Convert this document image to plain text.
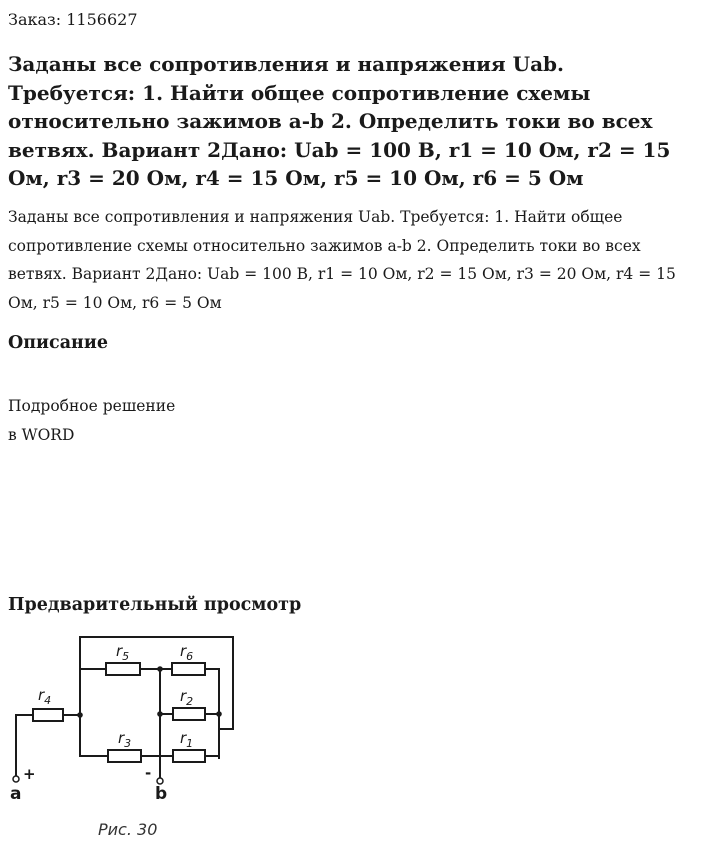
Заказ: 1156627
Заданы все сопротивления и напряжения Uab. Требуется: 1. Найти общее сопротивление схемы относительно зажимов a-b 2. Определить токи во всех ветвях. Вариант 2Дано: Uab = 100 В, r1 = 10 Ом, r2 = 15 Ом, r3 = 20 Ом, r4 = 15 Ом, r5 = 10 Ом, r6 = 5 Ом

Заданы все сопротивления и напряжения Uab. Требуется: 1. Найти общее сопротивление схемы относительно зажимов a-b 2. Определить токи во всех ветвях. Вариант 2Дано: Uab = 100 В, r1 = 10 Ом, r2 = 15 Ом, r3 = 20 Ом, r4 = 15 Ом, r5 = 10 Ом, r6 = 5 Ом

Описание
Подробное решение
в WORD
Предварительный просмотр
$r_4$
$r_5$	$r_6$
$r_2$
$r_3$	$r_1$
+	-
a	b
Рис. 30
